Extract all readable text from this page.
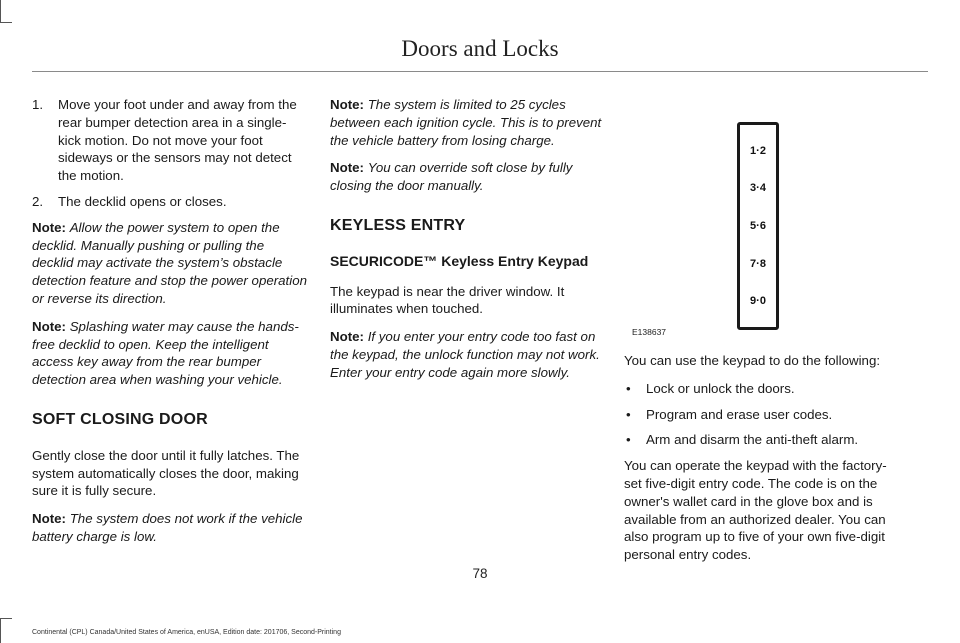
Doors and Locks
1. Move your foot under and away from the rear bumper detection area in a single-kick motion. Do not move your foot sideways or the sensors may not detect the motion.
2. The decklid opens or closes.

Note: Allow the power system to open the decklid. Manually pushing or pulling the decklid may activate the system’s obstacle detection feature and stop the power operation or reverse its direction.

Note: Splashing water may cause the hands-free decklid to open. Keep the intelligent access key away from the rear bumper detection area when washing your vehicle.

SOFT CLOSING DOOR

Gently close the door until it fully latches. The system automatically closes the door, making sure it is fully secure.

Note: The system does not work if the vehicle battery charge is low.

Note: The system is limited to 25 cycles between each ignition cycle. This is to prevent the vehicle battery from losing charge.

Note: You can override soft close by fully closing the door manually.

KEYLESS ENTRY
SECURICODE™ Keyless Entry Keypad

The keypad is near the driver window. It illuminates when touched.

Note: If you enter your entry code too fast on the keypad, the unlock function may not work. Enter your entry code again more slowly.

1·2
3·4
5·6
7·8
9·0
E138637

You can use the keypad to do the following:

• Lock or unlock the doors.
• Program and erase user codes.
• Arm and disarm the anti-theft alarm.

You can operate the keypad with the factory-set five-digit entry code. The code is on the owner's wallet card in the glove box and is available from an authorized dealer. You can also program up to five of your own five-digit personal entry codes.

78
Continental (CPL) Canada/United States of America, enUSA, Edition date: 201706, Second-Printing
